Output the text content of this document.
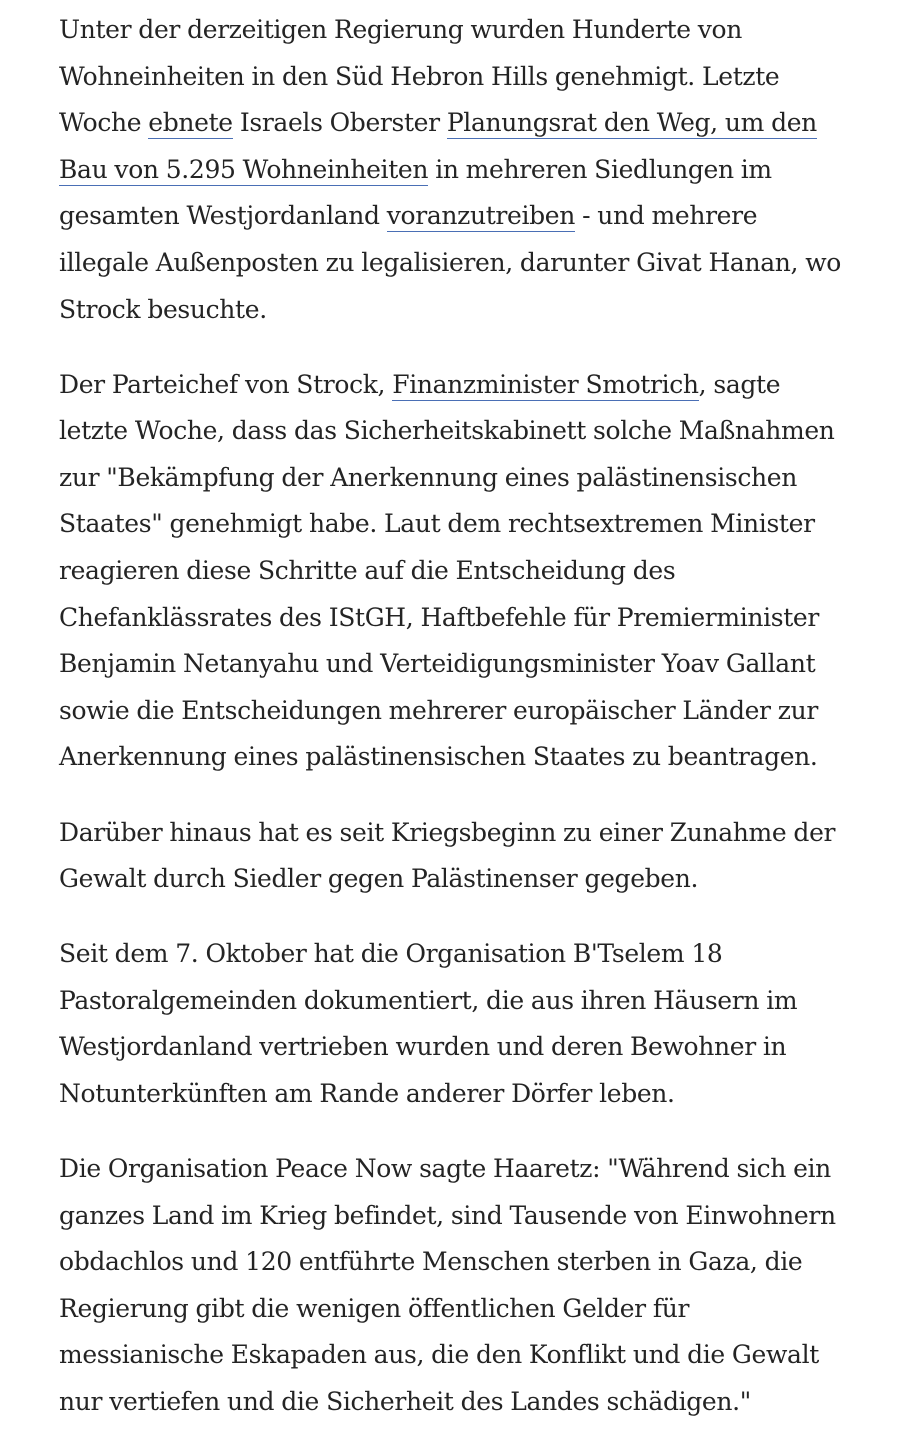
Unter der derzeitigen Regierung wurden Hunderte von Wohneinheiten in den Süd Hebron Hills genehmigt. Letzte Woche ebnete Israels Oberster Planungsrat den Weg, um den Bau von 5.295 Wohneinheiten in mehreren Siedlungen im gesamten Westjordanland voranzutreiben - und mehrere illegale Außenposten zu legalisieren, darunter Givat Hanan, wo Strock besuchte.

Der Parteichef von Strock, Finanzminister Smotrich, sagte letzte Woche, dass das Sicherheitskabinett solche Maßnahmen zur "Bekämpfung der Anerkennung eines palästinensischen Staates" genehmigt habe. Laut dem rechtsextremen Minister reagieren diese Schritte auf die Entscheidung des Chefanklässrates des IStGH, Haftbefehle für Premierminister Benjamin Netanyahu und Verteidigungsminister Yoav Gallant sowie die Entscheidungen mehrerer europäischer Länder zur Anerkennung eines palästinensischen Staates zu beantragen.

Darüber hinaus hat es seit Kriegsbeginn zu einer Zunahme der Gewalt durch Siedler gegen Palästinenser gegeben.

Seit dem 7. Oktober hat die Organisation B'Tselem 18 Pastoralgemeinden dokumentiert, die aus ihren Häusern im Westjordanland vertrieben wurden und deren Bewohner in Notunterkünften am Rande anderer Dörfer leben.

Die Organisation Peace Now sagte Haaretz: "Während sich ein ganzes Land im Krieg befindet, sind Tausende von Einwohnern obdachlos und 120 entführte Menschen sterben in Gaza, die Regierung gibt die wenigen öffentlichen Gelder für messianische Eskapaden aus, die den Konflikt und die Gewalt nur vertiefen und die Sicherheit des Landes schädigen."
